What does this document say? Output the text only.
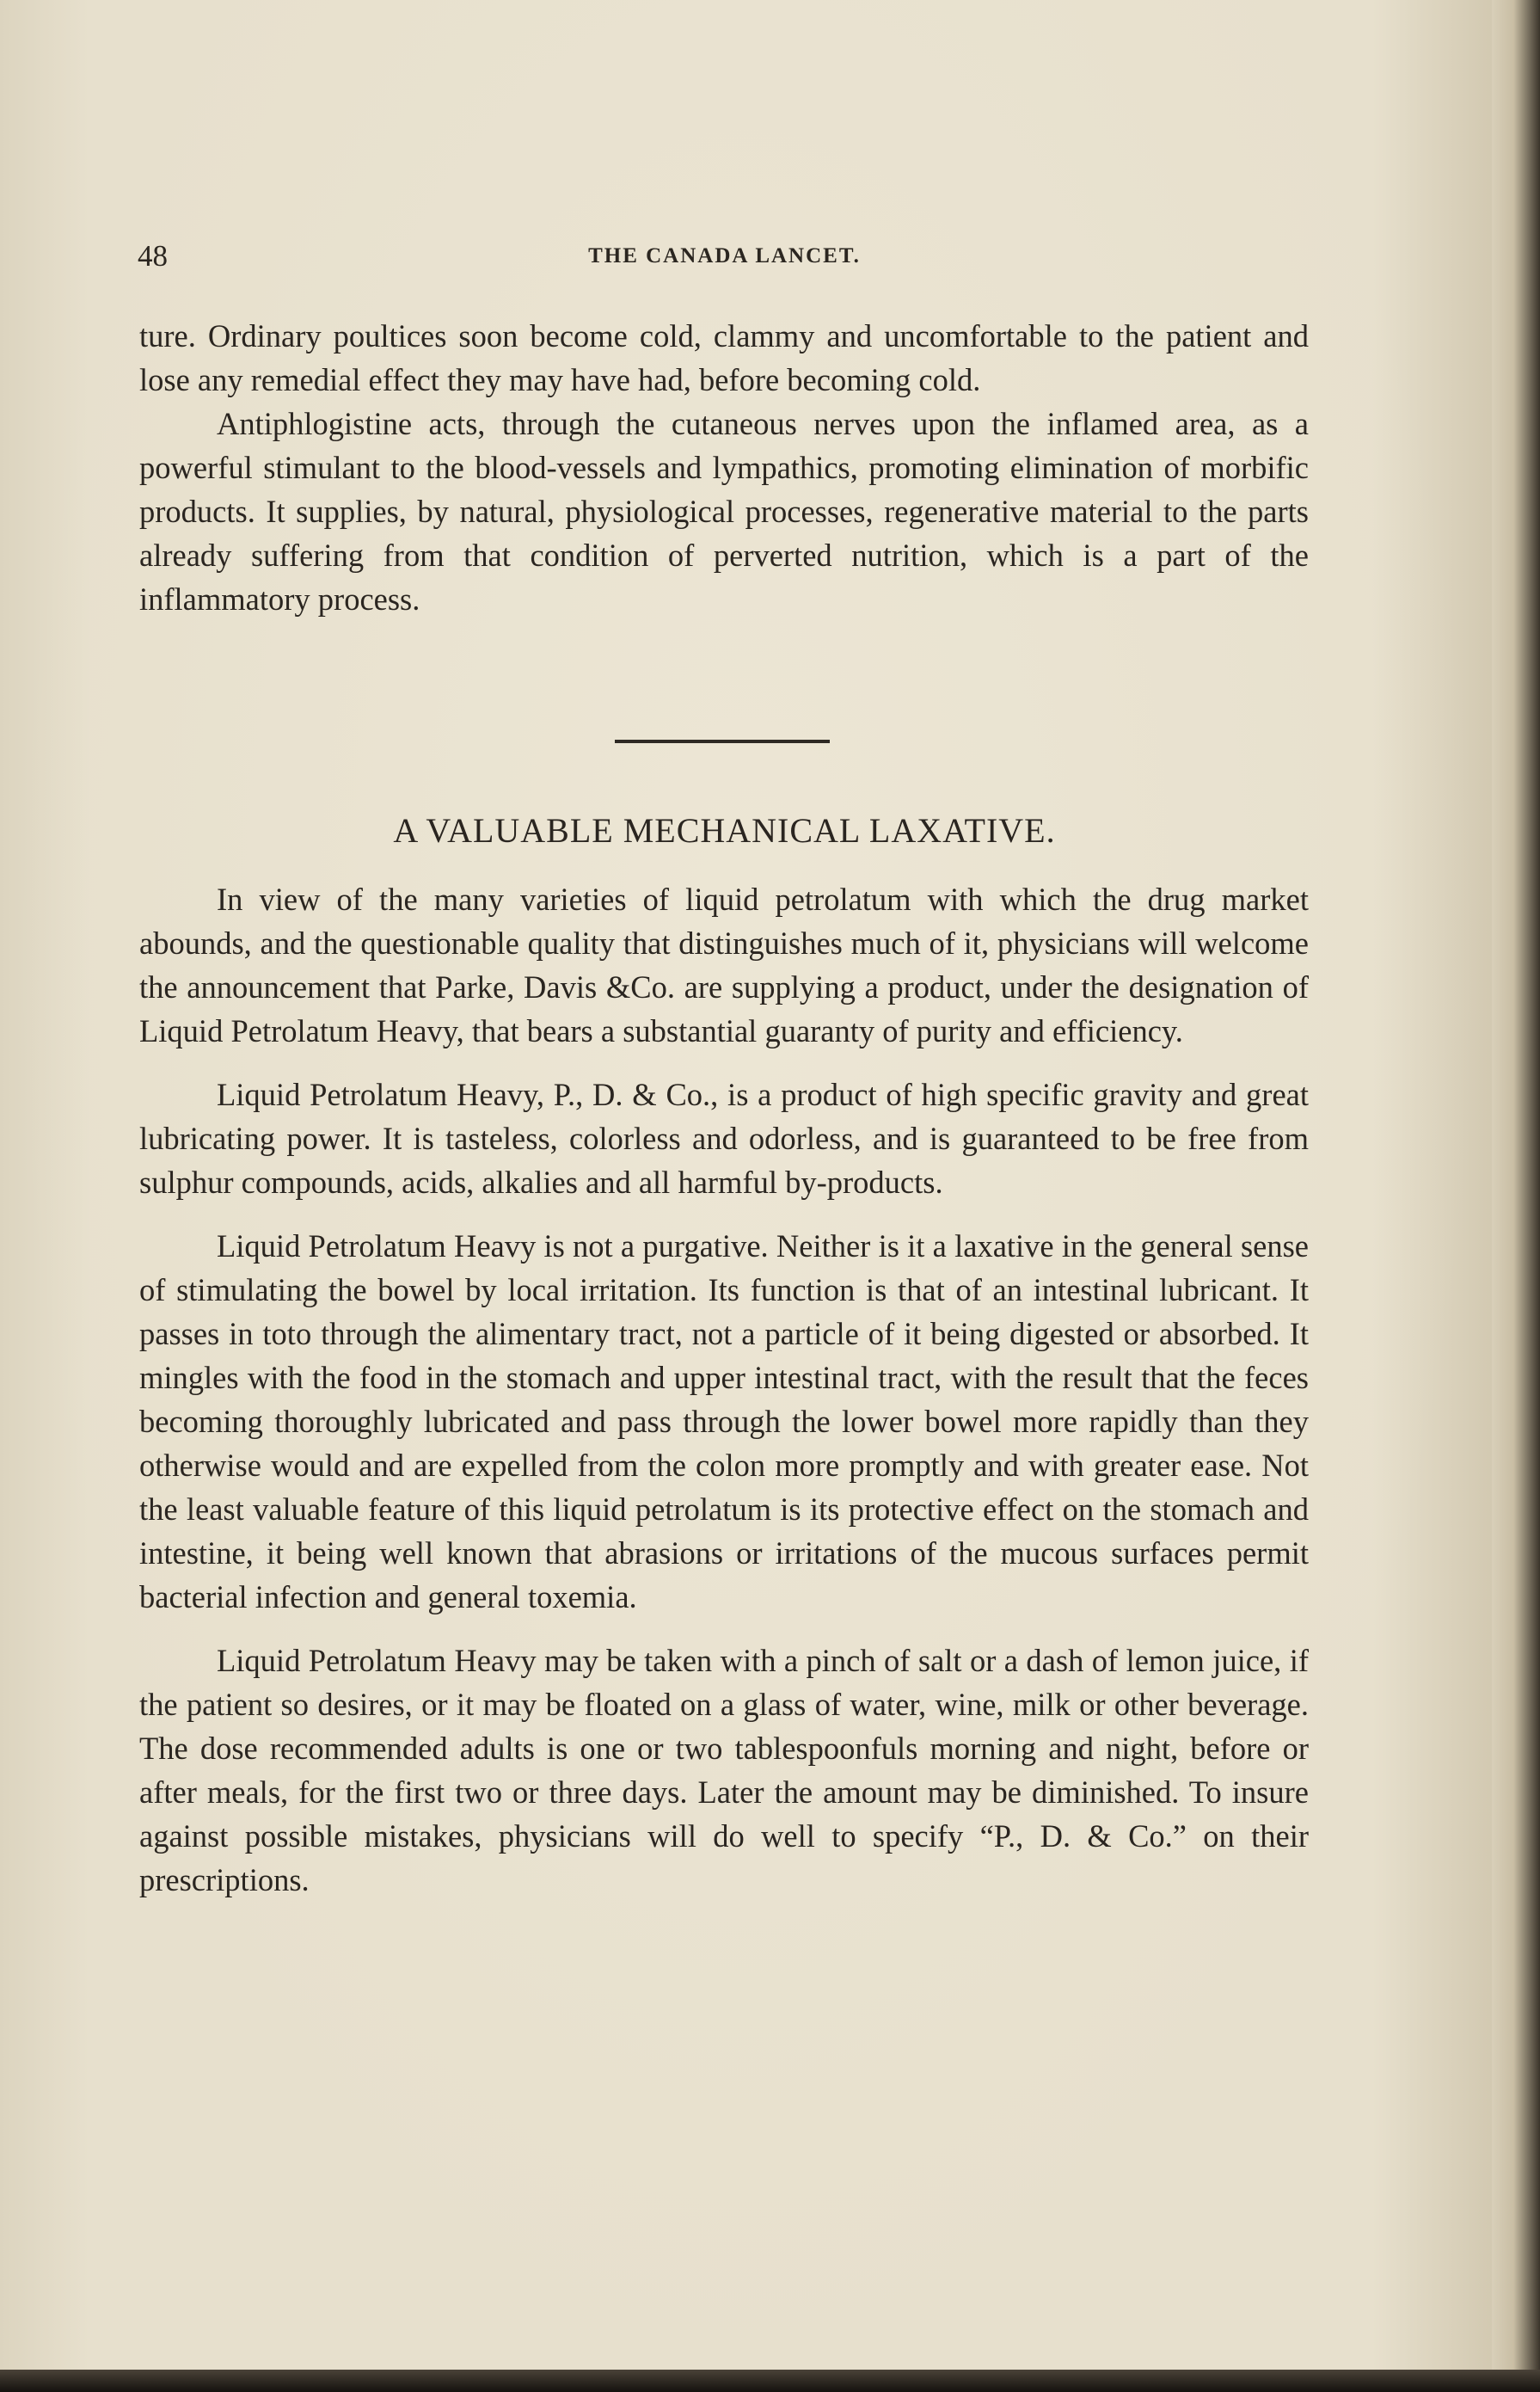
48	THE CANADA LANCET.

ture. Ordinary poultices soon become cold, clammy and uncomfortable to the patient and lose any remedial effect they may have had, before becoming cold.

Antiphlogistine acts, through the cutaneous nerves upon the inflamed area, as a powerful stimulant to the blood-vessels and lympathics, promoting elimination of morbific products. It supplies, by natural, physiological processes, regenerative material to the parts already suffering from that condition of perverted nutrition, which is a part of the inflammatory process.

A VALUABLE MECHANICAL LAXATIVE.

In view of the many varieties of liquid petrolatum with which the drug market abounds, and the questionable quality that distinguishes much of it, physicians will welcome the announcement that Parke, Davis &Co. are supplying a product, under the designation of Liquid Petrolatum Heavy, that bears a substantial guaranty of purity and efficiency.

Liquid Petrolatum Heavy, P., D. & Co., is a product of high specific gravity and great lubricating power. It is tasteless, colorless and odorless, and is guaranteed to be free from sulphur compounds, acids, alkalies and all harmful by-products.

Liquid Petrolatum Heavy is not a purgative. Neither is it a laxative in the general sense of stimulating the bowel by local irritation. Its function is that of an intestinal lubricant. It passes in toto through the alimentary tract, not a particle of it being digested or absorbed. It mingles with the food in the stomach and upper intestinal tract, with the result that the feces becoming thoroughly lubricated and pass through the lower bowel more rapidly than they otherwise would and are expelled from the colon more promptly and with greater ease. Not the least valuable feature of this liquid petrolatum is its protective effect on the stomach and intestine, it being well known that abrasions or irritations of the mucous surfaces permit bacterial infection and general toxemia.

Liquid Petrolatum Heavy may be taken with a pinch of salt or a dash of lemon juice, if the patient so desires, or it may be floated on a glass of water, wine, milk or other beverage. The dose recommended adults is one or two tablespoonfuls morning and night, before or after meals, for the first two or three days. Later the amount may be diminished. To insure against possible mistakes, physicians will do well to specify “P., D. & Co.” on their prescriptions.
